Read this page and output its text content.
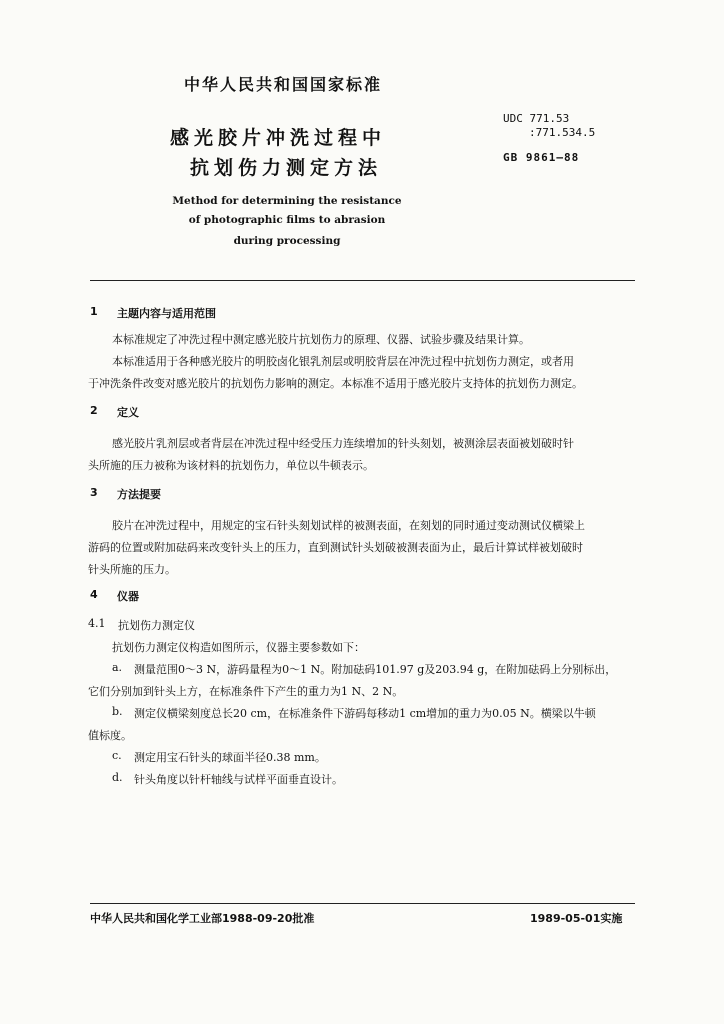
中华人民共和国国家标准
感光胶片冲洗过程中
抗划伤力测定方法
Method for determining the resistance
of photographic films to abrasion
during processing
UDC 771.53
:771.534.5
GB 9861—88
1 主题内容与适用范围
本标准规定了冲洗过程中测定感光胶片抗划伤力的原理、仪器、试验步骤及结果计算。
本标准适用于各种感光胶片的明胶卤化银乳剂层或明胶背层在冲洗过程中抗划伤力测定，或者用
于冲洗条件改变对感光胶片的抗划伤力影响的测定。本标准不适用于感光胶片支持体的抗划伤力测定。
2 定义
感光胶片乳剂层或者背层在冲洗过程中经受压力连续增加的针头刻划，被测涂层表面被划破时针
头所施的压力被称为该材料的抗划伤力，单位以牛顿表示。
3 方法提要
胶片在冲洗过程中，用规定的宝石针头刻划试样的被测表面，在刻划的同时通过变动测试仪横梁上
游码的位置或附加砝码来改变针头上的压力，直到测试针头划破被测表面为止，最后计算试样被划破时
针头所施的压力。
4 仪器
4.1	抗划伤力测定仪
抗划伤力测定仪构造如图所示，仪器主要参数如下：
a.	测量范围0～3 N，游码量程为0～1 N。附加砝码101.97 g及203.94 g，在附加砝码上分别标出，
它们分别加到针头上方，在标准条件下产生的重力为1 N、2 N。
b.	测定仪横梁刻度总长20 cm，在标准条件下游码每移动1 cm增加的重力为0.05 N。横梁以牛顿
值标度。
c.	测定用宝石针头的球面半径0.38 mm。
d.	针头角度以针杆轴线与试样平面垂直设计。
中华人民共和国化学工业部1988-09-20批准	1989-05-01实施
